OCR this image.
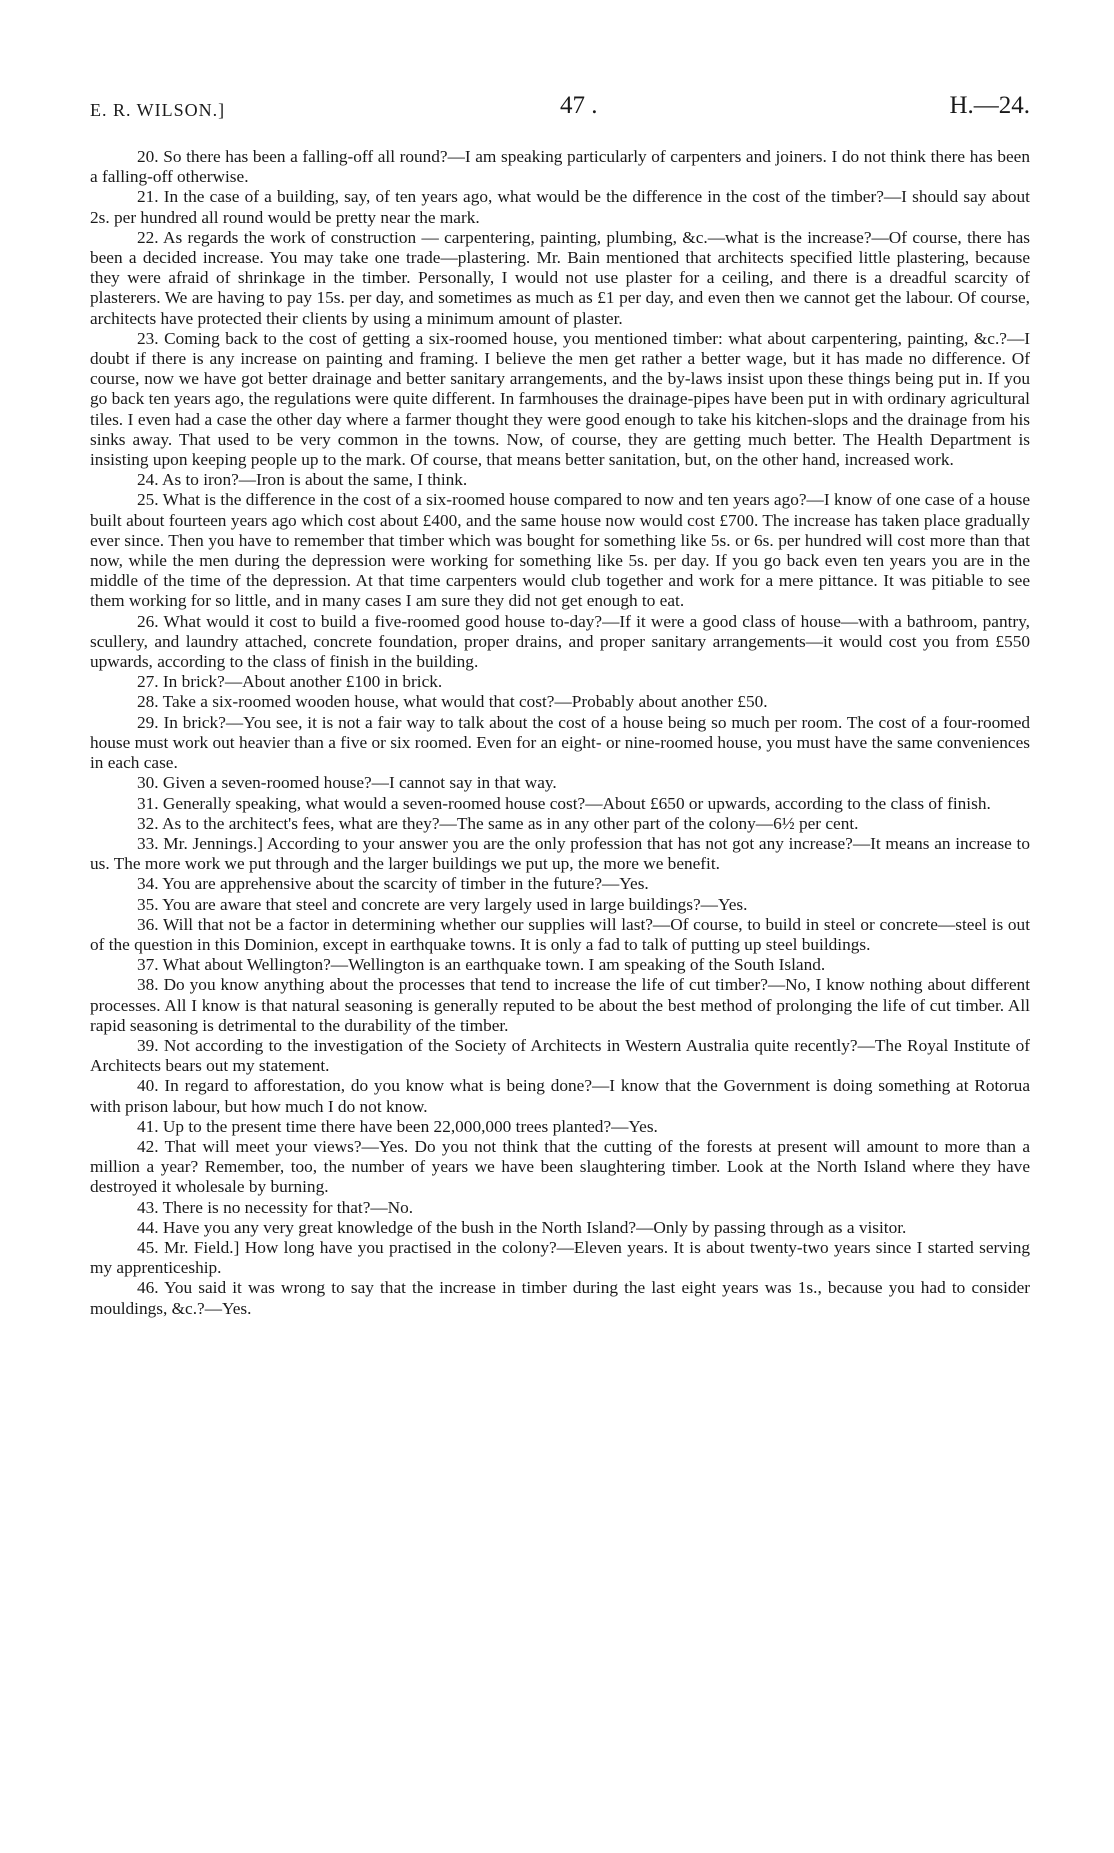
E. R. WILSON.]	47 .	H.—24.

20. So there has been a falling-off all round?—I am speaking particularly of carpenters and joiners. I do not think there has been a falling-off otherwise.

21. In the case of a building, say, of ten years ago, what would be the difference in the cost of the timber?—I should say about 2s. per hundred all round would be pretty near the mark.

22. As regards the work of construction — carpentering, painting, plumbing, &c.—what is the increase?—Of course, there has been a decided increase. You may take one trade—plastering. Mr. Bain mentioned that architects specified little plastering, because they were afraid of shrinkage in the timber. Personally, I would not use plaster for a ceiling, and there is a dreadful scarcity of plasterers. We are having to pay 15s. per day, and sometimes as much as £1 per day, and even then we cannot get the labour. Of course, architects have protected their clients by using a minimum amount of plaster.

23. Coming back to the cost of getting a six-roomed house, you mentioned timber: what about carpentering, painting, &c.?—I doubt if there is any increase on painting and framing. I believe the men get rather a better wage, but it has made no difference. Of course, now we have got better drainage and better sanitary arrangements, and the by-laws insist upon these things being put in. If you go back ten years ago, the regulations were quite different. In farmhouses the drainage-pipes have been put in with ordinary agricultural tiles. I even had a case the other day where a farmer thought they were good enough to take his kitchen-slops and the drainage from his sinks away. That used to be very common in the towns. Now, of course, they are getting much better. The Health Department is insisting upon keeping people up to the mark. Of course, that means better sanitation, but, on the other hand, increased work.

24. As to iron?—Iron is about the same, I think.

25. What is the difference in the cost of a six-roomed house compared to now and ten years ago?—I know of one case of a house built about fourteen years ago which cost about £400, and the same house now would cost £700. The increase has taken place gradually ever since. Then you have to remember that timber which was bought for something like 5s. or 6s. per hundred will cost more than that now, while the men during the depression were working for something like 5s. per day. If you go back even ten years you are in the middle of the time of the depression. At that time carpenters would club together and work for a mere pittance. It was pitiable to see them working for so little, and in many cases I am sure they did not get enough to eat.

26. What would it cost to build a five-roomed good house to-day?—If it were a good class of house—with a bathroom, pantry, scullery, and laundry attached, concrete foundation, proper drains, and proper sanitary arrangements—it would cost you from £550 upwards, according to the class of finish in the building.

27. In brick?—About another £100 in brick.

28. Take a six-roomed wooden house, what would that cost?—Probably about another £50.

29. In brick?—You see, it is not a fair way to talk about the cost of a house being so much per room. The cost of a four-roomed house must work out heavier than a five or six roomed. Even for an eight- or nine-roomed house, you must have the same conveniences in each case.

30. Given a seven-roomed house?—I cannot say in that way.

31. Generally speaking, what would a seven-roomed house cost?—About £650 or upwards, according to the class of finish.

32. As to the architect's fees, what are they?—The same as in any other part of the colony—6½ per cent.

33. Mr. Jennings.] According to your answer you are the only profession that has not got any increase?—It means an increase to us. The more work we put through and the larger buildings we put up, the more we benefit.

34. You are apprehensive about the scarcity of timber in the future?—Yes.

35. You are aware that steel and concrete are very largely used in large buildings?—Yes.

36. Will that not be a factor in determining whether our supplies will last?—Of course, to build in steel or concrete—steel is out of the question in this Dominion, except in earthquake towns. It is only a fad to talk of putting up steel buildings.

37. What about Wellington?—Wellington is an earthquake town. I am speaking of the South Island.

38. Do you know anything about the processes that tend to increase the life of cut timber?—No, I know nothing about different processes. All I know is that natural seasoning is generally reputed to be about the best method of prolonging the life of cut timber. All rapid seasoning is detrimental to the durability of the timber.

39. Not according to the investigation of the Society of Architects in Western Australia quite recently?—The Royal Institute of Architects bears out my statement.

40. In regard to afforestation, do you know what is being done?—I know that the Government is doing something at Rotorua with prison labour, but how much I do not know.

41. Up to the present time there have been 22,000,000 trees planted?—Yes.

42. That will meet your views?—Yes. Do you not think that the cutting of the forests at present will amount to more than a million a year? Remember, too, the number of years we have been slaughtering timber. Look at the North Island where they have destroyed it wholesale by burning.

43. There is no necessity for that?—No.

44. Have you any very great knowledge of the bush in the North Island?—Only by passing through as a visitor.

45. Mr. Field.] How long have you practised in the colony?—Eleven years. It is about twenty-two years since I started serving my apprenticeship.

46. You said it was wrong to say that the increase in timber during the last eight years was 1s., because you had to consider mouldings, &c.?—Yes.
